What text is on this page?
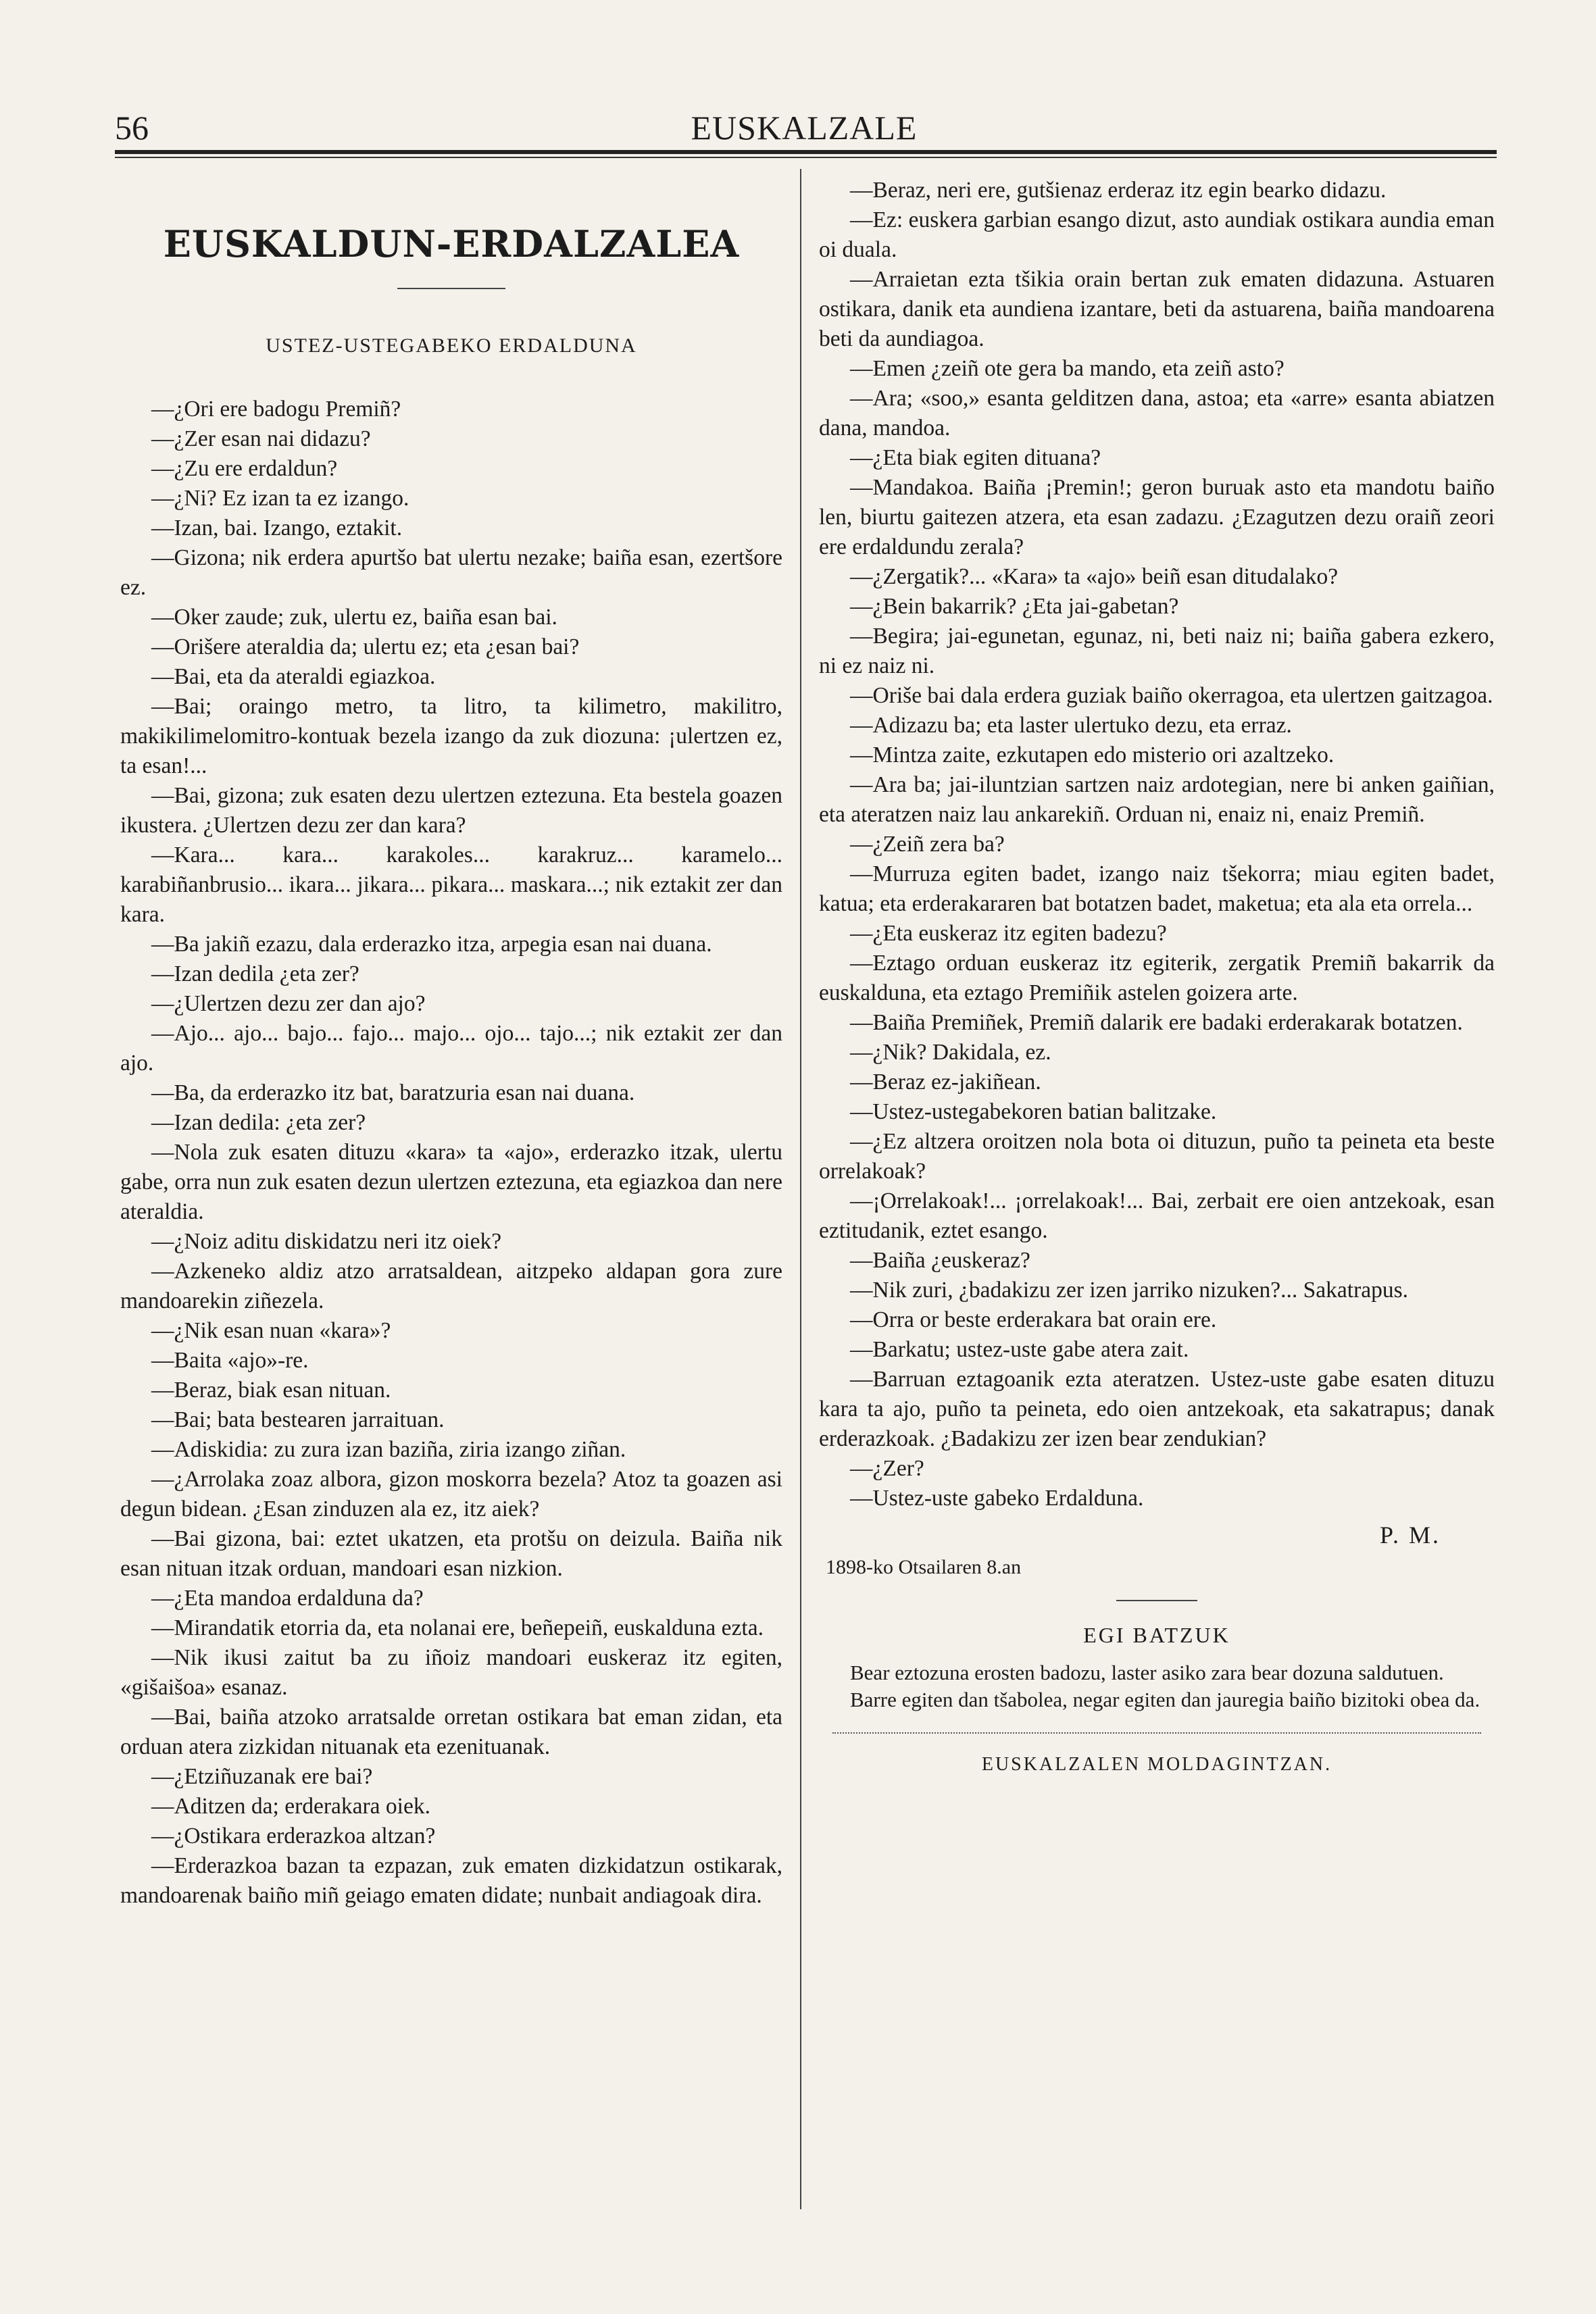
56	EUSKALZALE
EUSKALDUN-ERDALZALEA
USTEZ-USTEGABEKO ERDALDUNA

—¿Ori ere badogu Premiñ?

—¿Zer esan nai didazu?

—¿Zu ere erdaldun?

—¿Ni? Ez izan ta ez izango.

—Izan, bai. Izango, eztakit.

—Gizona; nik erdera apurtšo bat ulertu nezake; baiña esan, ezertšore ez.

—Oker zaude; zuk, ulertu ez, baiña esan bai.

—Orišere ateraldia da; ulertu ez; eta ¿esan bai?

—Bai, eta da ateraldi egiazkoa.

—Bai; oraingo metro, ta litro, ta kilimetro, makilitro, makikilimelomitro-kontuak bezela izango da zuk diozuna: ¡ulertzen ez, ta esan!...

—Bai, gizona; zuk esaten dezu ulertzen eztezuna. Eta bestela goazen ikustera. ¿Ulertzen dezu zer dan kara?

—Kara... kara... karakoles... karakruz... karamelo... karabiñanbrusio... ikara... jikara... pikara... maskara...; nik eztakit zer dan kara.

—Ba jakiñ ezazu, dala erderazko itza, arpegia esan nai duana.

—Izan dedila ¿eta zer?

—¿Ulertzen dezu zer dan ajo?

—Ajo... ajo... bajo... fajo... majo... ojo... tajo...; nik eztakit zer dan ajo.

—Ba, da erderazko itz bat, baratzuria esan nai duana.

—Izan dedila: ¿eta zer?

—Nola zuk esaten dituzu «kara» ta «ajo», erderazko itzak, ulertu gabe, orra nun zuk esaten dezun ulertzen eztezuna, eta egiazkoa dan nere ateraldia.

—¿Noiz aditu diskidatzu neri itz oiek?

—Azkeneko aldiz atzo arratsaldean, aitzpeko aldapan gora zure mandoarekin ziñezela.

—¿Nik esan nuan «kara»?

—Baita «ajo»-re.

—Beraz, biak esan nituan.

—Bai; bata bestearen jarraituan.

—Adiskidia: zu zura izan baziña, ziria izango ziñan.

—¿Arrolaka zoaz albora, gizon moskorra bezela? Atoz ta goazen asi degun bidean. ¿Esan zinduzen ala ez, itz aiek?

—Bai gizona, bai: eztet ukatzen, eta protšu on deizula. Baiña nik esan nituan itzak orduan, mandoari esan nizkion.

—¿Eta mandoa erdalduna da?

—Mirandatik etorria da, eta nolanai ere, beñepeiñ, euskalduna ezta.

—Nik ikusi zaitut ba zu iñoiz mandoari euskeraz itz egiten, «gišaišoa» esanaz.

—Bai, baiña atzoko arratsalde orretan ostikara bat eman zidan, eta orduan atera zizkidan nituanak eta ezenituanak.

—¿Etziñuzanak ere bai?

—Aditzen da; erderakara oiek.

—¿Ostikara erderazkoa altzan?

—Erderazkoa bazan ta ezpazan, zuk ematen dizkidatzun ostikarak, mandoarenak baiño miñ geiago ematen didate; nunbait andiagoak dira.

—Beraz, neri ere, gutšienaz erderaz itz egin bearko didazu.

—Ez: euskera garbian esango dizut, asto aundiak ostikara aundia eman oi duala.

—Arraietan ezta tšikia orain bertan zuk ematen didazuna. Astuaren ostikara, danik eta aundiena izantare, beti da astuarena, baiña mandoarena beti da aundiagoa.

—Emen ¿zeiñ ote gera ba mando, eta zeiñ asto?

—Ara; «soo,» esanta gelditzen dana, astoa; eta «arre» esanta abiatzen dana, mandoa.

—¿Eta biak egiten dituana?

—Mandakoa. Baiña ¡Premin!; geron buruak asto eta mandotu baiño len, biurtu gaitezen atzera, eta esan zadazu. ¿Ezagutzen dezu oraiñ zeori ere erdaldundu zerala?

—¿Zergatik?... «Kara» ta «ajo» beiñ esan ditudalako?

—¿Bein bakarrik? ¿Eta jai-gabetan?

—Begira; jai-egunetan, egunaz, ni, beti naiz ni; baiña gabera ezkero, ni ez naiz ni.

—Oriše bai dala erdera guziak baiño okerragoa, eta ulertzen gaitzagoa.

—Adizazu ba; eta laster ulertuko dezu, eta erraz.

—Mintza zaite, ezkutapen edo misterio ori azaltzeko.

—Ara ba; jai-iluntzian sartzen naiz ardotegian, nere bi anken gaiñian, eta ateratzen naiz lau ankarekiñ. Orduan ni, enaiz ni, enaiz Premiñ.

—¿Zeiñ zera ba?

—Murruza egiten badet, izango naiz tšekorra; miau egiten badet, katua; eta erderakararen bat botatzen badet, maketua; eta ala eta orrela...

—¿Eta euskeraz itz egiten badezu?

—Eztago orduan euskeraz itz egiterik, zergatik Premiñ bakarrik da euskalduna, eta eztago Premiñik astelen goizera arte.

—Baiña Premiñek, Premiñ dalarik ere badaki erderakarak botatzen.

—¿Nik? Dakidala, ez.

—Beraz ez-jakiñean.

—Ustez-ustegabekoren batian balitzake.

—¿Ez altzera oroitzen nola bota oi dituzun, puño ta peineta eta beste orrelakoak?

—¡Orrelakoak!... ¡orrelakoak!... Bai, zerbait ere oien antzekoak, esan eztitudanik, eztet esango.

—Baiña ¿euskeraz?

—Nik zuri, ¿badakizu zer izen jarriko nizuken?... Sakatrapus.

—Orra or beste erderakara bat orain ere.

—Barkatu; ustez-uste gabe atera zait.

—Barruan eztagoanik ezta ateratzen. Ustez-uste gabe esaten dituzu kara ta ajo, puño ta peineta, edo oien antzekoak, eta sakatrapus; danak erderazkoak. ¿Badakizu zer izen bear zendukian?

—¿Zer?

—Ustez-uste gabeko Erdalduna.

P. M.
1898-ko Otsailaren 8.an
EGI BATZUK

Bear eztozuna erosten badozu, laster asiko zara bear dozuna saldutuen.

Barre egiten dan tšabolea, negar egiten dan jauregia baiño bizitoki obea da.

EUSKALZALEN MOLDAGINTZAN.
